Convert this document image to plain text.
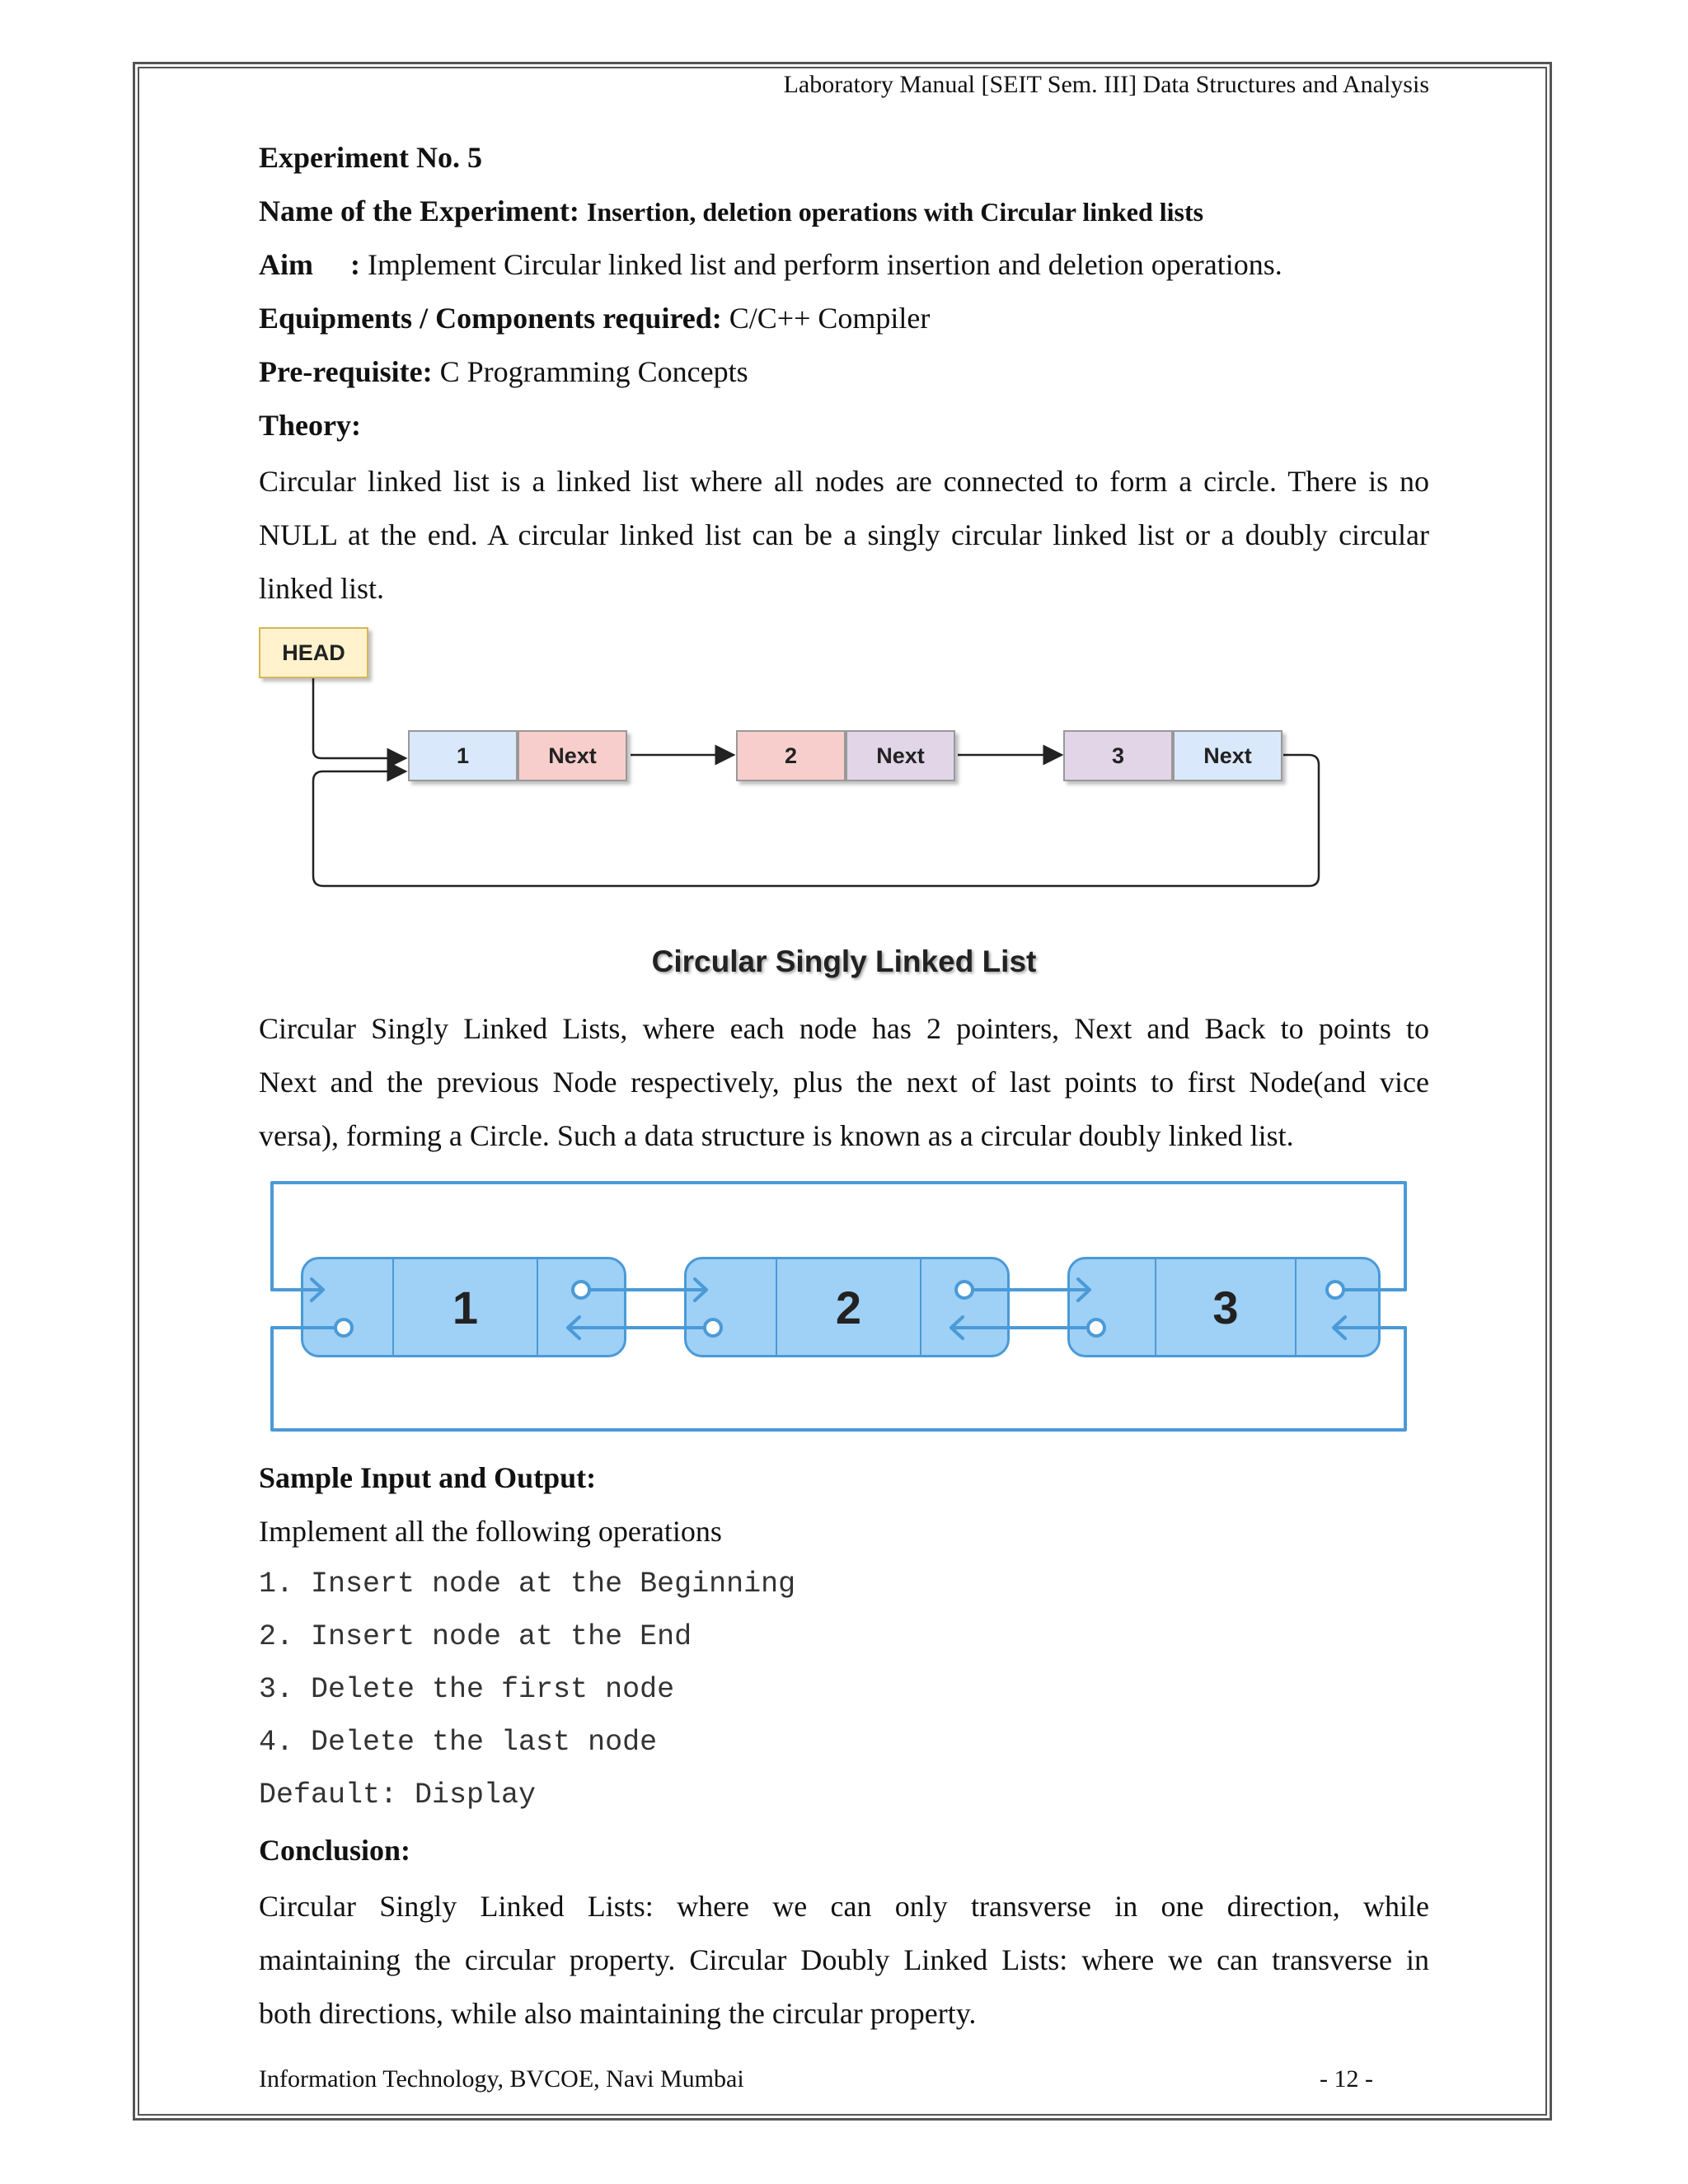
Laboratory Manual [SEIT Sem. III] Data Structures and Analysis
Experiment No. 5
Name of the Experiment: Insertion, deletion operations with Circular linked lists
Aim : Implement Circular linked list and perform insertion and deletion operations.
Equipments / Components required: C/C++ Compiler
Pre-requisite: C Programming Concepts
Theory:
Circular linked list is a linked list where all nodes are connected to form a circle. There is no
NULL at the end. A circular linked list can be a singly circular linked list or a doubly circular
linked list.
HEAD
1	Next	2	Next	3	Next
Circular Singly Linked List
Circular Singly Linked Lists, where each node has 2 pointers, Next and Back to points to
Next and the previous Node respectively, plus the next of last points to first Node(and vice
versa), forming a Circle. Such a data structure is known as a circular doubly linked list.
1	2	3
Sample Input and Output:
Implement all the following operations
1. Insert node at the Beginning
2. Insert node at the End
3. Delete the first node
4. Delete the last node
Default: Display
Conclusion:
Circular Singly Linked Lists: where we can only transverse in one direction, while
maintaining the circular property. Circular Doubly Linked Lists: where we can transverse in
both directions, while also maintaining the circular property.
Information Technology, BVCOE, Navi Mumbai	- 12 -
